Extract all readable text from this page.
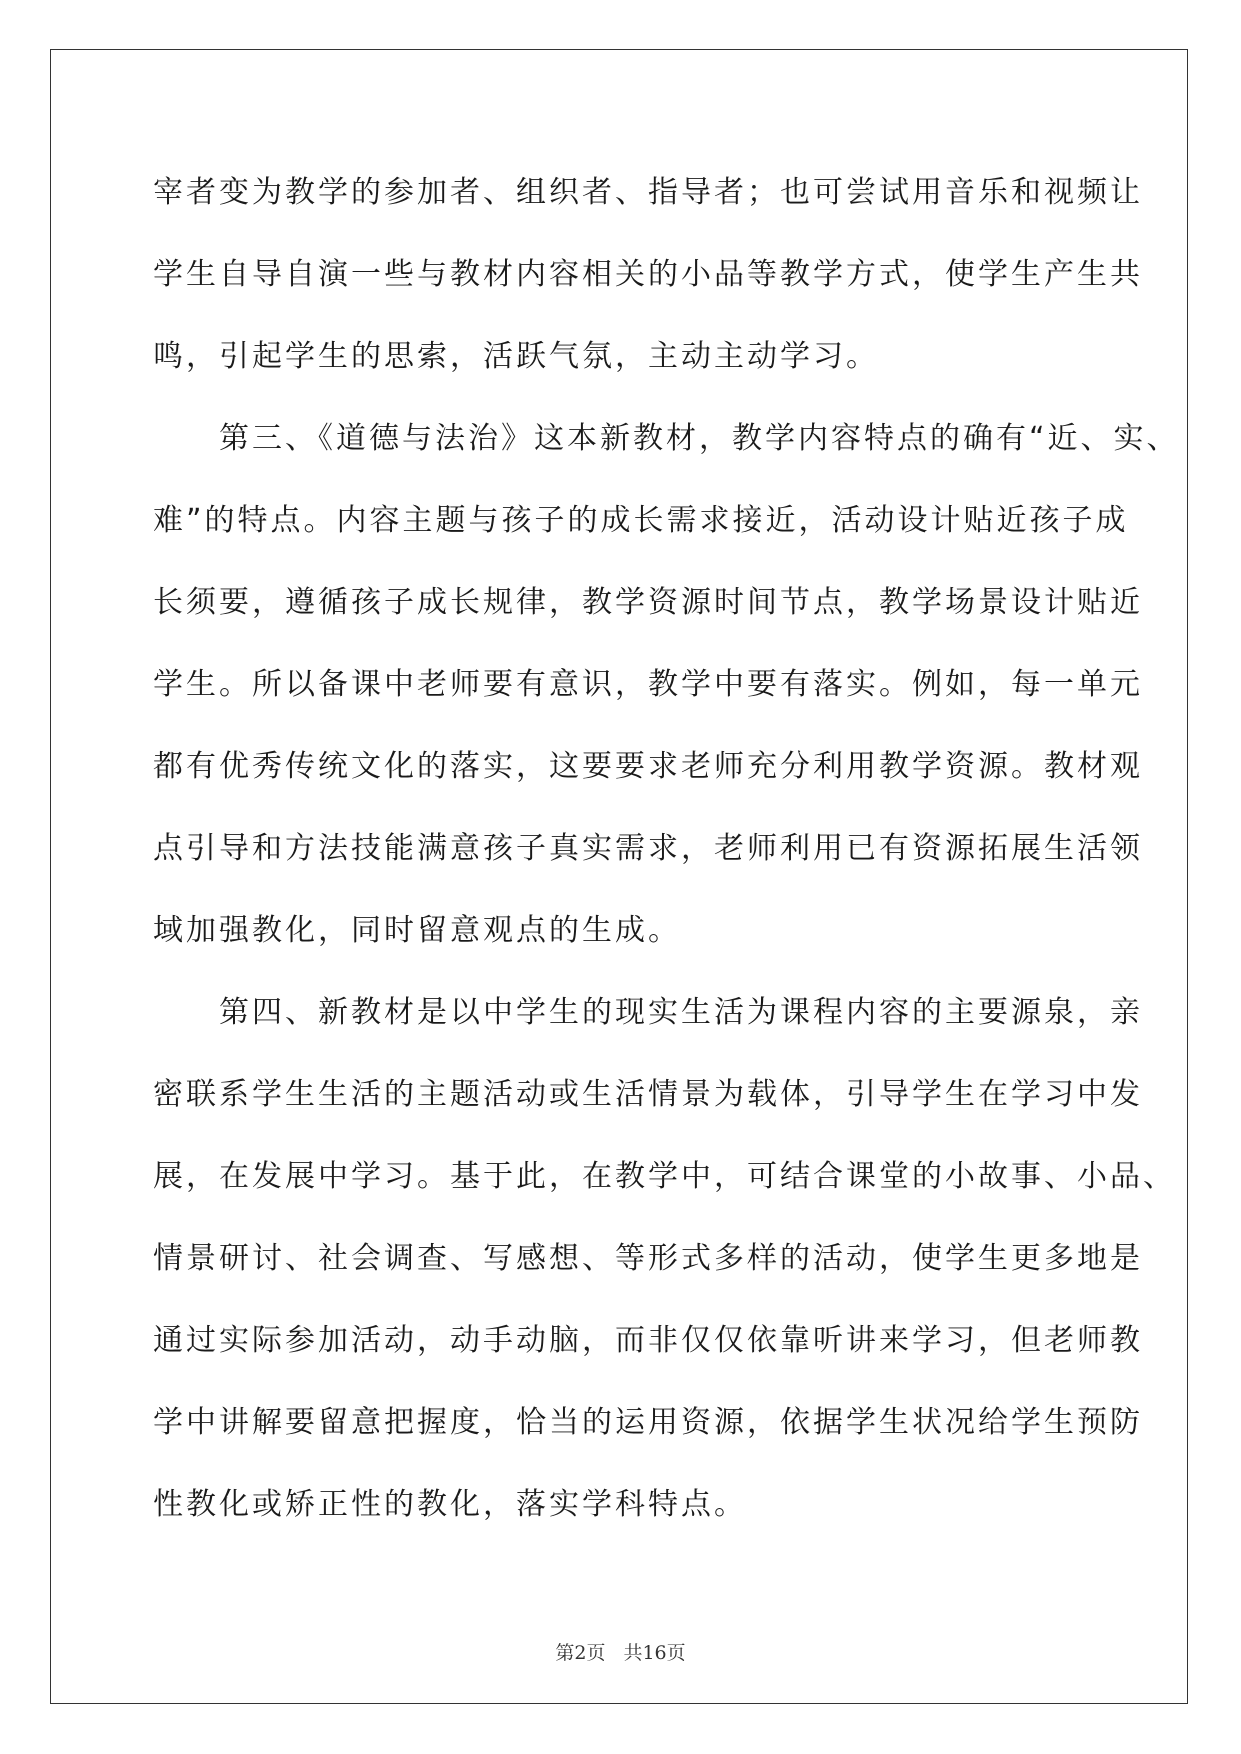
宰者变为教学的参加者、组织者、指导者；也可尝试用音乐和视频让

学生自导自演一些与教材内容相关的小品等教学方式，使学生产生共

鸣，引起学生的思索，活跃气氛，主动主动学习。

　　第三、《道德与法治》这本新教材，教学内容特点的确有“近、实、

难”的特点。内容主题与孩子的成长需求接近，活动设计贴近孩子成

长须要，遵循孩子成长规律，教学资源时间节点，教学场景设计贴近

学生。所以备课中老师要有意识，教学中要有落实。例如，每一单元

都有优秀传统文化的落实，这要要求老师充分利用教学资源。教材观

点引导和方法技能满意孩子真实需求，老师利用已有资源拓展生活领

域加强教化，同时留意观点的生成。

　　第四、新教材是以中学生的现实生活为课程内容的主要源泉，亲

密联系学生生活的主题活动或生活情景为载体，引导学生在学习中发

展，在发展中学习。基于此，在教学中，可结合课堂的小故事、小品、

情景研讨、社会调查、写感想、等形式多样的活动，使学生更多地是

通过实际参加活动，动手动脑，而非仅仅依靠听讲来学习，但老师教

学中讲解要留意把握度，恰当的运用资源，依据学生状况给学生预防

性教化或矫正性的教化，落实学科特点。

第2页 共16页
